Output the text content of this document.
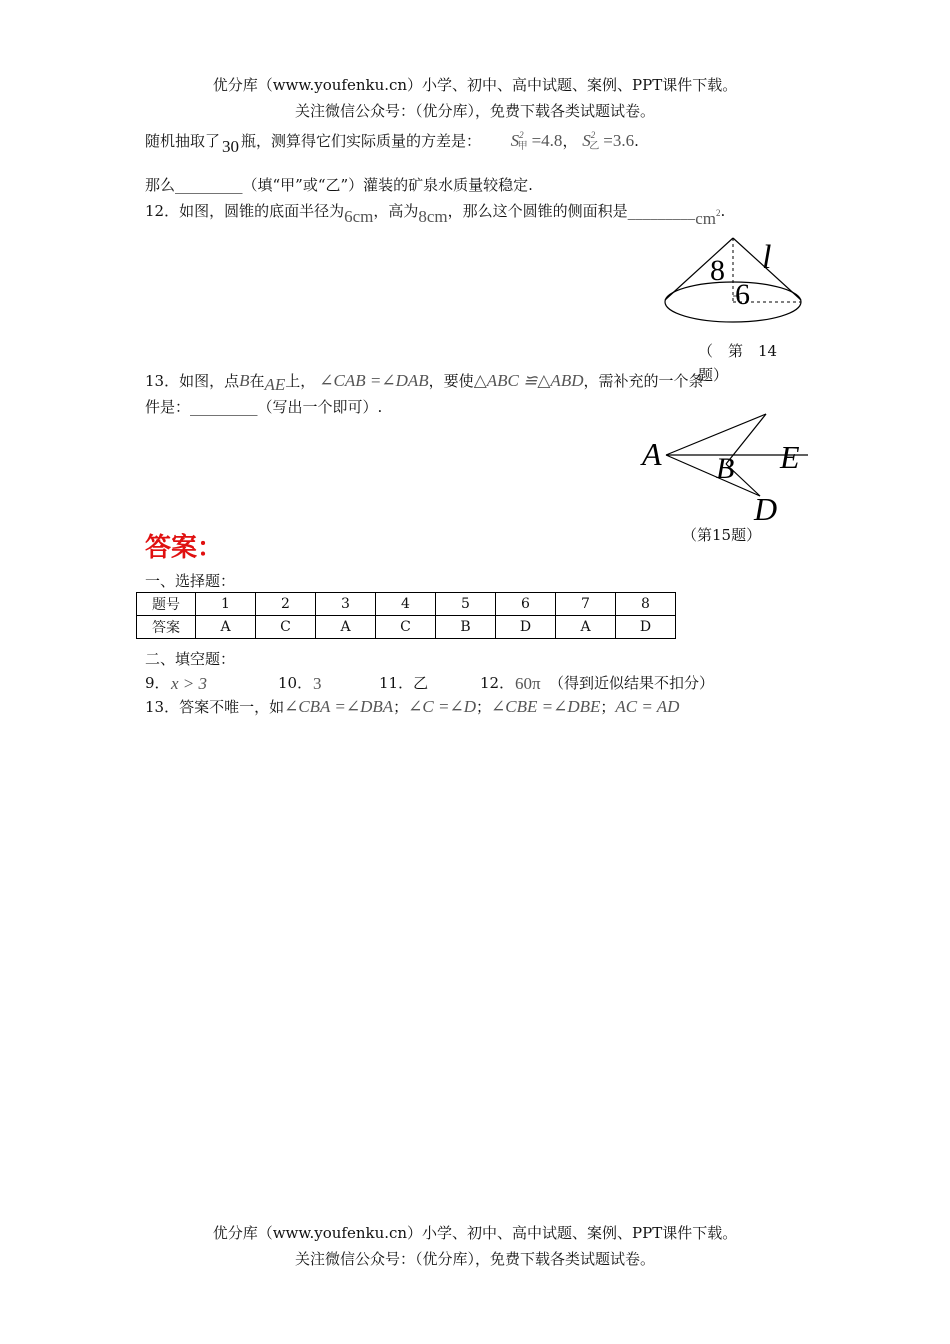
优分库（www.youfenku.cn）小学、初中、高中试题、案例、PPT课件下载。
关注微信公众号：（优分库），免费下载各类试题试卷。
随机抽取了 30 瓶，测算得它们实际质量的方差是： $S^2_甲 =4.8$， $S^2_乙 =3.6$.
那么_________（填“甲”或“乙”）灌装的矿泉水质量较稳定.
12．如图，圆锥的底面半径为6cm，高为8cm，那么这个圆锥的侧面积是$\_\_\_\_\_\_\_\_\_cm^2$.
8
6
l
（　第　14
13．如图，点B在AE上， ∠CAB =∠DAB，要使△ABC ≌△ABD，需补充的一个条
题）
件是：_________（写出一个即可）.
A B E
D
（第15题）
答案：
一、选择题：
题号	1	2	3	4	5	6	7	8
答案	A	C	A	C	B	D	A	D
二、填空题：
9． x > 3	10． 3	11．乙	12． 60π （得到近似结果不扣分）
13．答案不唯一，如∠CBA =∠DBA；∠C =∠D；∠CBE =∠DBE；AC = AD
优分库（www.youfenku.cn）小学、初中、高中试题、案例、PPT课件下载。
关注微信公众号：（优分库），免费下载各类试题试卷。
